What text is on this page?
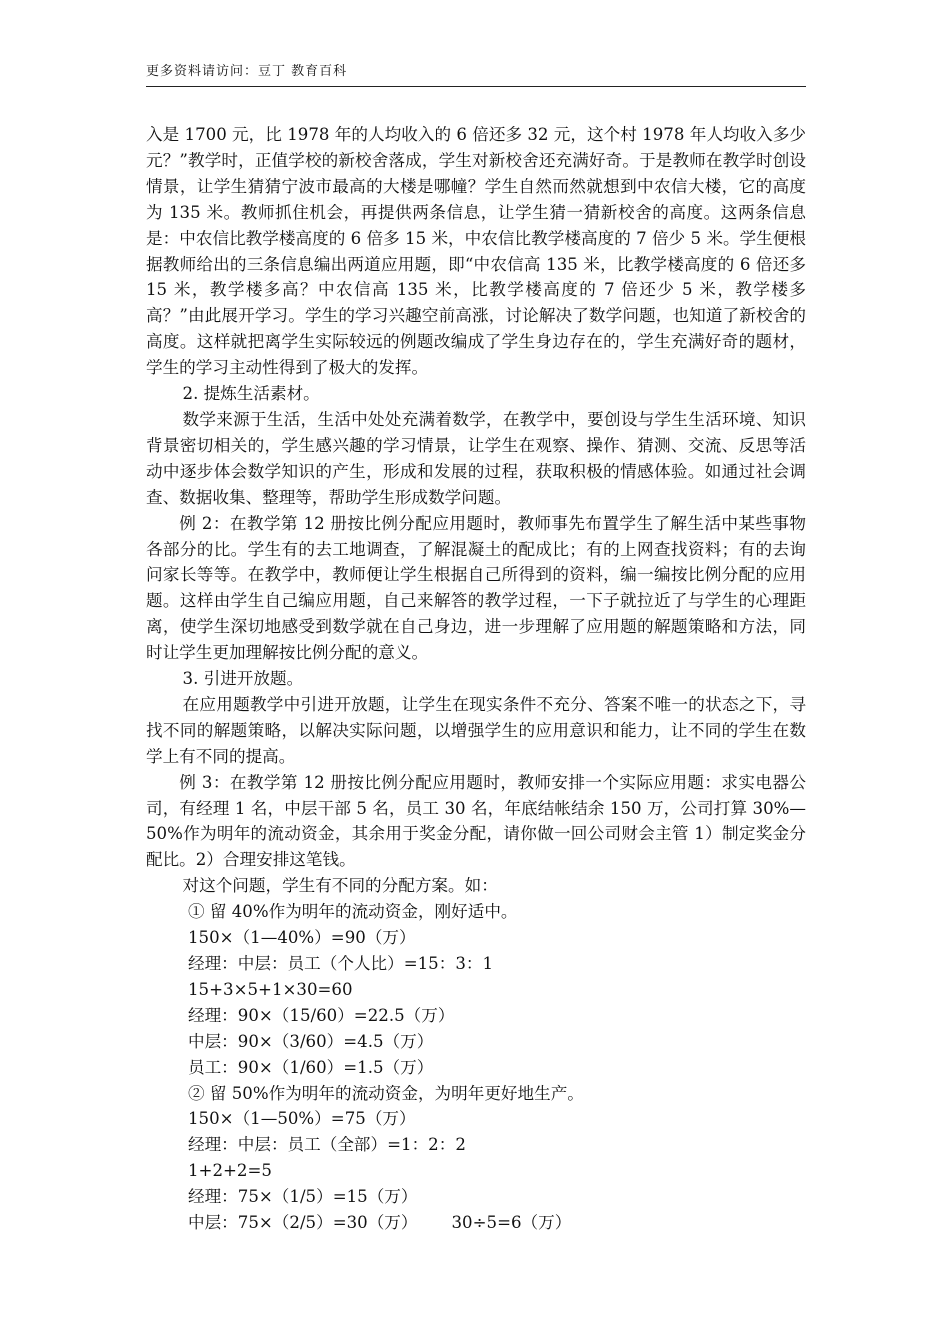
更多资料请访问：豆丁 教育百科

入是 1700 元，比 1978 年的人均收入的 6 倍还多 32 元，这个村 1978 年人均收入多少元？”教学时，正值学校的新校舍落成，学生对新校舍还充满好奇。于是教师在教学时创设情景，让学生猜猜宁波市最高的大楼是哪幢？学生自然而然就想到中农信大楼，它的高度为 135 米。教师抓住机会，再提供两条信息，让学生猜一猜新校舍的高度。这两条信息是：中农信比教学楼高度的 6 倍多 15 米，中农信比教学楼高度的 7 倍少 5 米。学生便根据教师给出的三条信息编出两道应用题，即“中农信高 135 米，比教学楼高度的 6 倍还多 15 米，教学楼多高？中农信高 135 米，比教学楼高度的 7 倍还少 5 米，教学楼多高？”由此展开学习。学生的学习兴趣空前高涨，讨论解决了数学问题，也知道了新校舍的高度。这样就把离学生实际较远的例题改编成了学生身边存在的，学生充满好奇的题材，学生的学习主动性得到了极大的发挥。

2. 提炼生活素材。

数学来源于生活，生活中处处充满着数学，在教学中，要创设与学生生活环境、知识背景密切相关的，学生感兴趣的学习情景，让学生在观察、操作、猜测、交流、反思等活动中逐步体会数学知识的产生，形成和发展的过程，获取积极的情感体验。如通过社会调查、数据收集、整理等，帮助学生形成数学问题。

例 2：在教学第 12 册按比例分配应用题时，教师事先布置学生了解生活中某些事物各部分的比。学生有的去工地调查，了解混凝土的配成比；有的上网查找资料；有的去询问家长等等。在教学中，教师便让学生根据自己所得到的资料，编一编按比例分配的应用题。这样由学生自己编应用题，自己来解答的教学过程，一下子就拉近了与学生的心理距离，使学生深切地感受到数学就在自己身边，进一步理解了应用题的解题策略和方法，同时让学生更加理解按比例分配的意义。

3. 引进开放题。

在应用题教学中引进开放题，让学生在现实条件不充分、答案不唯一的状态之下，寻找不同的解题策略，以解决实际问题，以增强学生的应用意识和能力，让不同的学生在数学上有不同的提高。

例 3：在教学第 12 册按比例分配应用题时，教师安排一个实际应用题：求实电器公司，有经理 1 名，中层干部 5 名，员工 30 名，年底结帐结余 150 万，公司打算 30%—50%作为明年的流动资金，其余用于奖金分配，请你做一回公司财会主管 1）制定奖金分配比。2）合理安排这笔钱。

对这个问题，学生有不同的分配方案。如：

① 留 40%作为明年的流动资金，刚好适中。

150×（1—40%）=90（万）

经理：中层：员工（个人比）=15：3：1

15+3×5+1×30=60

经理：90×（15/60）=22.5（万）

中层：90×（3/60）=4.5（万）

员工：90×（1/60）=1.5（万）

② 留 50%作为明年的流动资金，为明年更好地生产。

150×（1—50%）=75（万）

经理：中层：员工（全部）=1：2：2

1+2+2=5

经理：75×（1/5）=15（万）

中层：75×（2/5）=30（万） 30÷5=6（万）
